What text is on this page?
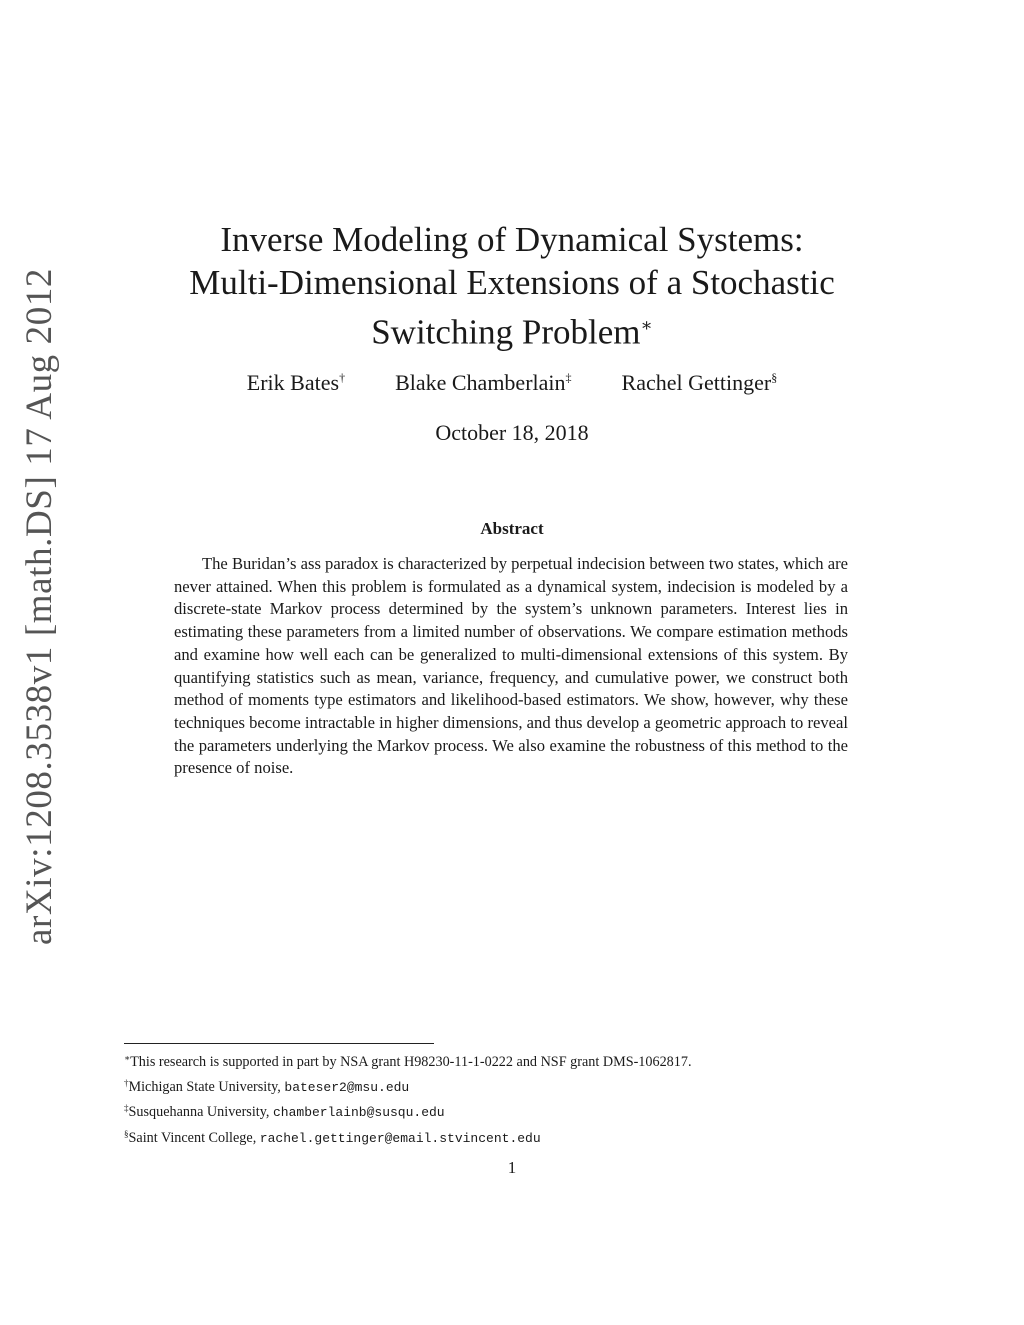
arXiv:1208.3538v1 [math.DS] 17 Aug 2012
Inverse Modeling of Dynamical Systems:
Multi-Dimensional Extensions of a Stochastic
Switching Problem∗
Erik Bates† Blake Chamberlain‡ Rachel Gettinger§
October 18, 2018
Abstract

The Buridan’s ass paradox is characterized by perpetual indecision between two states, which are never attained. When this problem is formulated as a dynamical system, indecision is modeled by a discrete-state Markov process determined by the system’s unknown parameters. Interest lies in estimating these parameters from a limited number of observations. We compare estimation methods and examine how well each can be generalized to multi-dimensional extensions of this system. By quantifying statistics such as mean, variance, frequency, and cumulative power, we construct both method of moments type estimators and likelihood-based estimators. We show, however, why these techniques become intractable in higher dimensions, and thus develop a geometric approach to reveal the parameters underlying the Markov process. We also examine the robustness of this method to the presence of noise.

∗This research is supported in part by NSA grant H98230-11-1-0222 and NSF grant DMS-1062817.
†Michigan State University, bateser2@msu.edu
‡Susquehanna University, chamberlainb@susqu.edu
§Saint Vincent College, rachel.gettinger@email.stvincent.edu
1
